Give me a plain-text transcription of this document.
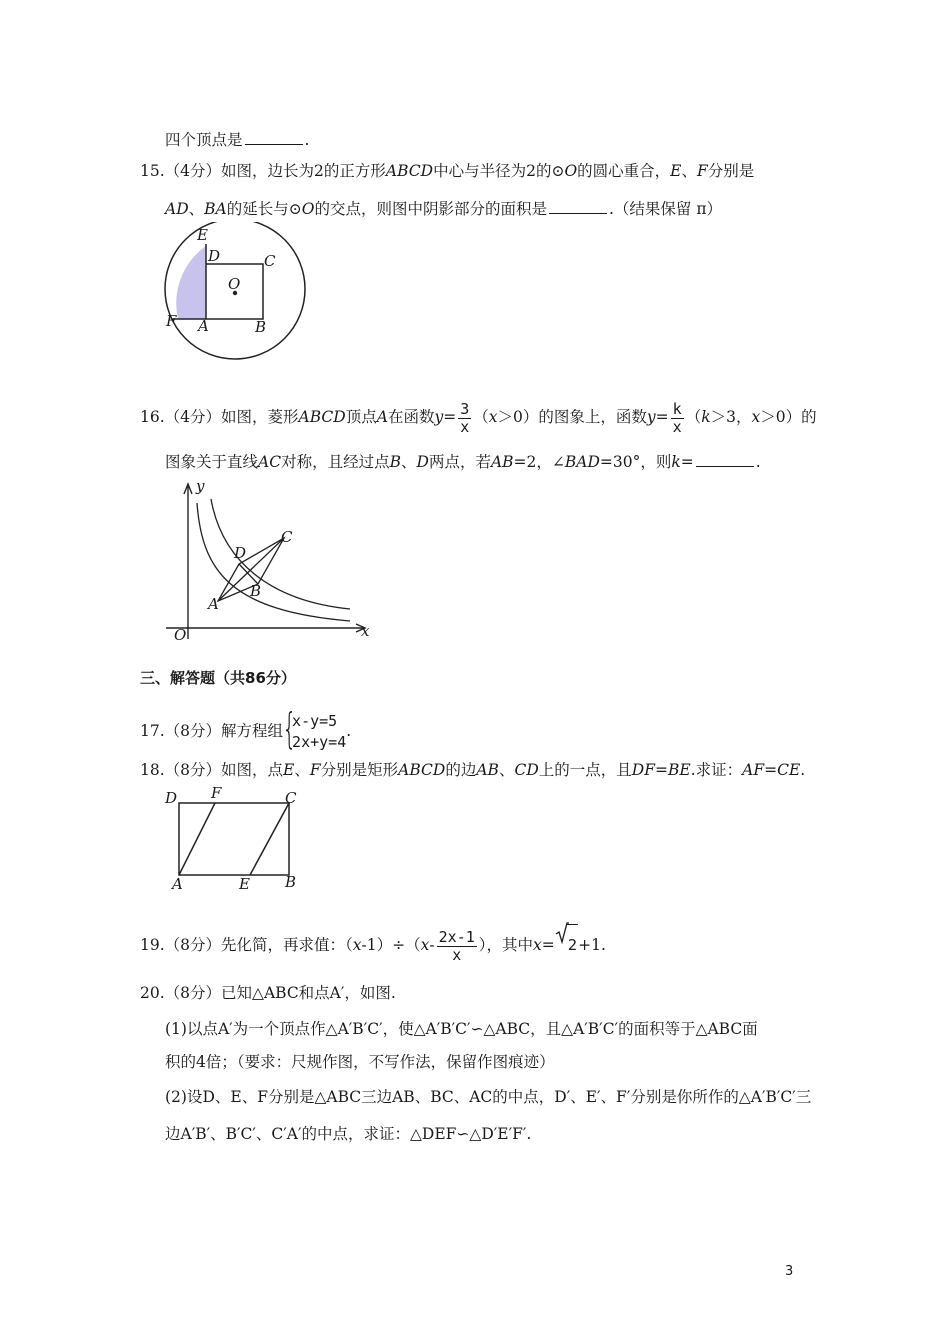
四个顶点是	.
15.（4分）如图，边长为2的正方形ABCD中心与半径为2的⊙O的圆心重合，E、F分别是
AD、BA的延长与⊙O的交点，则图中阴影部分的面积是	.（结果保留 π）
E
D	C
O
F A	B
16.（4分）如图，菱形ABCD顶点A在函数$y= \frac{3}{x} (x>0)$的图象上，函数$y= \frac{k}{x} (k>3$，x＞0）的
图象关于直线AC对称，且经过点B、D两点，若AB=2，∠BAD=30°，则k=	.
y
x
O
A
B
C
D
三、解答题（共86分）
17.（8分）解方程组 {
x-y=5
2x+y=4
.
18.（8分）如图，点E、F分别是矩形ABCD的边AB、CD上的一点，且DF=BE.求证：AF=CE.
D F	C
A	E B
19.（8分）先化简，再求值：$(x-1)\div(x- \frac{2x-1}{x}$ ），其中x= 2+1.
20.（8分）已知△ABC和点A′，如图.
(1)以点A′为一个顶点作△A′B′C′，使△A′B′C′∽△ABC，且△A′B′C′的面积等于△ABC面
积的4倍；（要求：尺规作图，不写作法，保留作图痕迹）
(2)设D、E、F分别是△ABC三边AB、BC、AC的中点，D′、E′、F′分别是你所作的△A′B′C′三
边A′B′、B′C′、C′A′的中点，求证：△DEF∽△D′E′F′.
3
